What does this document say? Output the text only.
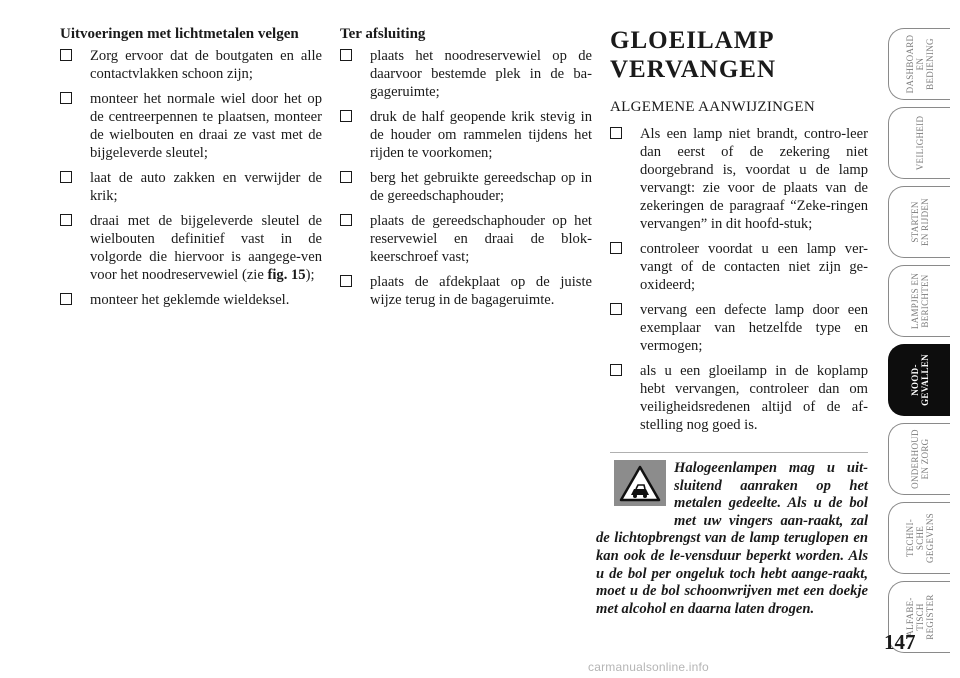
Uitvoeringen met lichtmetalen velgen
Zorg ervoor dat de boutgaten en alle contactvlakken schoon zijn;
monteer het normale wiel door het op de centreerpennen te plaatsen, monteer de wielbouten en draai ze vast met de bijgeleverde sleutel;
laat de auto zakken en verwijder de krik;
draai met de bijgeleverde sleutel de wielbouten definitief vast in de volgorde die hiervoor is aangege-ven voor het noodreservewiel (zie fig. 15);
monteer het geklemde wieldeksel.
Ter afsluiting
plaats het noodreservewiel op de daarvoor bestemde plek in de ba-gageruimte;
druk de half geopende krik stevig in de houder om rammelen tijdens het rijden te voorkomen;
berg het gebruikte gereedschap op in de gereedschaphouder;
plaats de gereedschaphouder op het reservewiel en draai de blok-keerschroef vast;
plaats de afdekplaat op de juiste wijze terug in de bagageruimte.
GLOEILAMP
VERVANGEN
ALGEMENE AANWIJZINGEN
Als een lamp niet brandt, contro-leer dan eerst of de zekering niet doorgebrand is, voordat u de lamp vervangt: zie voor de plaats van de zekeringen de paragraaf “Zeke-ringen vervangen” in dit hoofd-stuk;
controleer voordat u een lamp ver-vangt of de contacten niet zijn ge-oxideerd;
vervang een defecte lamp door een exemplaar van hetzelfde type en vermogen;
als u een gloeilamp in de koplamp hebt vervangen, controleer dan om veiligheidsredenen altijd of de af-stelling nog goed is.
Halogeenlampen mag u uit-sluitend aanraken op het metalen gedeelte. Als u de bol met uw vingers aan-raakt, zal de lichtopbrengst van de lamp teruglopen en kan ook de le-vensduur beperkt worden. Als u de bol per ongeluk toch hebt aange-raakt, moet u de bol schoonwrijven met een doekje met alcohol en daarna laten drogen.
DASHBOARD
EN
BEDIENING
VEILIGHEID
STARTEN
EN RIJDEN
LAMPJES EN
BERICHTEN
NOOD-
GEVALLEN
ONDERHOUD
EN ZORG
TECHNI-
SCHE
GEGEVENS
ALFABE-
TISCH
REGISTER
147
carmanualsonline.info
